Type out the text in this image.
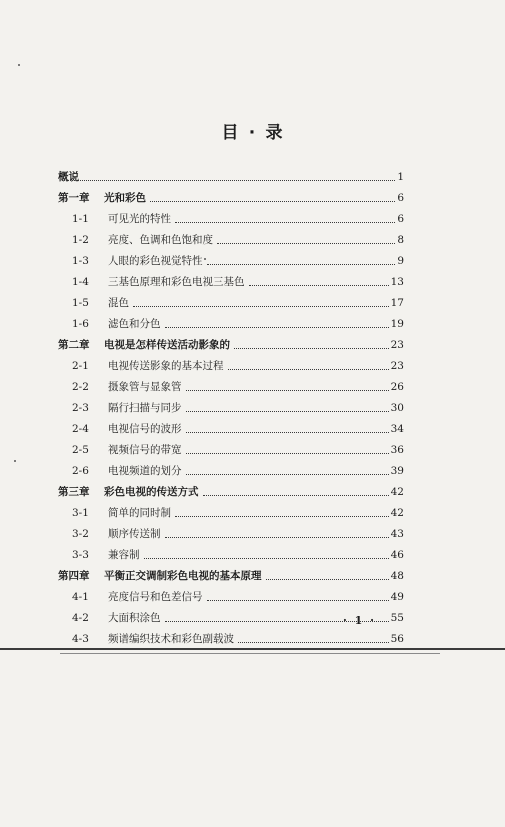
目 · 录
概说	1
第一章	光和彩色	6
1-1	可见光的特性	6
1-2	亮度、色调和色饱和度	8
1-3	人眼的彩色视觉特性	9
1-4	三基色原理和彩色电视三基色	13
1-5	混色	17
1-6	滤色和分色	19
第二章	电视是怎样传送活动影象的	23
2-1	电视传送影象的基本过程	23
2-2	摄象管与显象管	26
2-3	隔行扫描与同步	30
2-4	电视信号的波形	34
2-5	视频信号的带宽	36
2-6	电视频道的划分	39
第三章	彩色电视的传送方式	42
3-1	简单的同时制	42
3-2	顺序传送制	43
3-3	兼容制	46
第四章	平衡正交调制彩色电视的基本原理	48
4-1	亮度信号和色差信号	49
4-2	大面积涂色	55
4-3	频谱编织技术和彩色副载波	56
· 1 ·
